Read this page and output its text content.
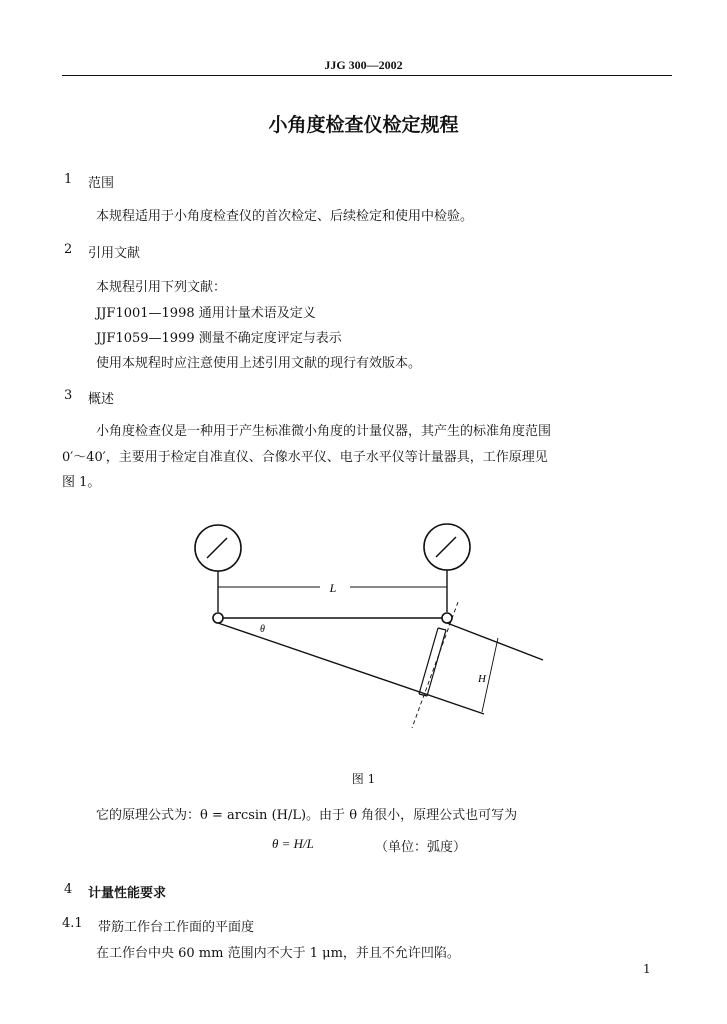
JJG 300—2002
小角度检查仪检定规程
1 范围
本规程适用于小角度检查仪的首次检定、后续检定和使用中检验。
2 引用文献
本规程引用下列文献：
JJF1001—1998 通用计量术语及定义
JJF1059—1999 测量不确定度评定与表示
使用本规程时应注意使用上述引用文献的现行有效版本。
3 概述
小角度检查仪是一种用于产生标准微小角度的计量仪器，其产生的标准角度范围
0′～40′，主要用于检定自准直仪、合像水平仪、电子水平仪等计量器具，工作原理见
图 1。
L
θ
H
图 1
它的原理公式为：θ = arcsin (H/L)。由于 θ 角很小，原理公式也可写为
θ = H/L	（单位：弧度）
4 计量性能要求
4.1 带筋工作台工作面的平面度
在工作台中央 60 mm 范围内不大于 1 μm，并且不允许凹陷。
1
